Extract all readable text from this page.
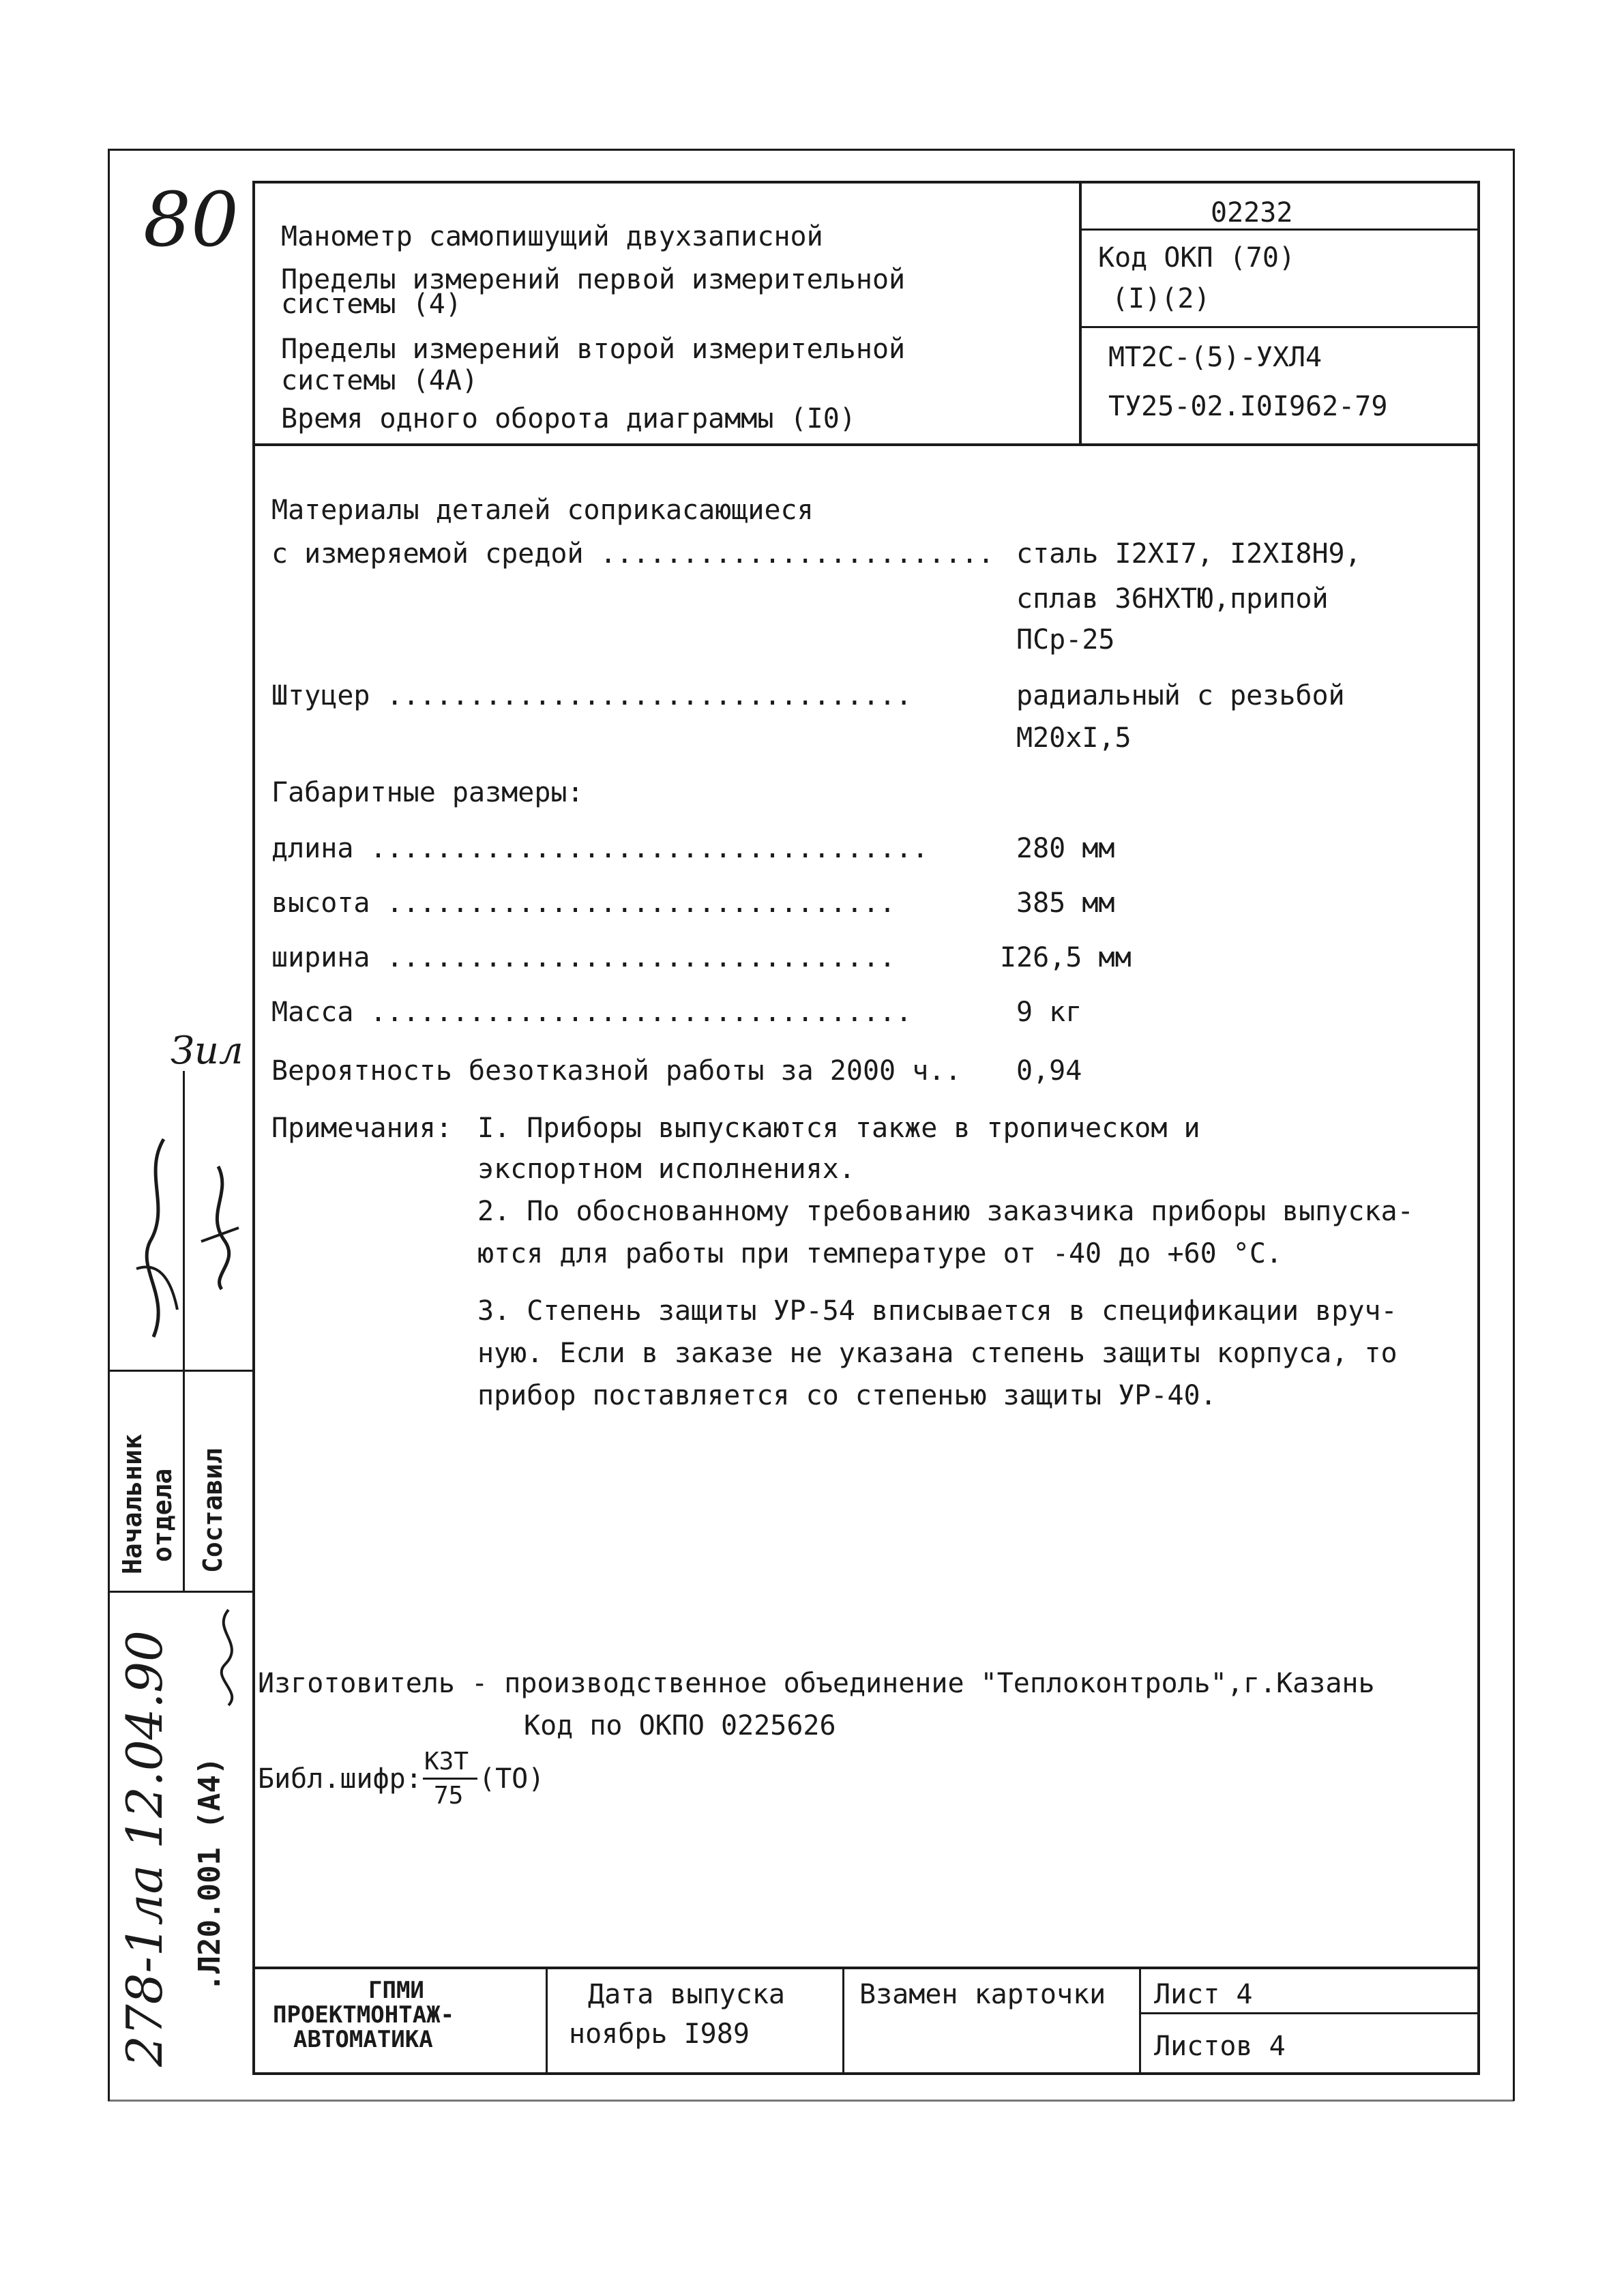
80 Манометр самопишущий двухзаписной
Пределы измерений первой измерительной
системы (4)
Пределы измерений второй измерительной
системы (4А)
Время одного оборота диаграммы (I0)
02232
Код ОКП (70)
(I)(2)
МТ2С-(5)-УХЛ4
ТУ25-02.I0I962-79
Материалы деталей соприкасающиеся
с измеряемой средой ........................ сталь I2XI7, I2XI8H9,
сплав 36НХТЮ,припой
ПСр-25
Штуцер ................................	радиальный с резьбой
М20хI,5
Габаритные размеры:
длина ..................................	280 мм
высота ...............................	385 мм
ширина ...............................	I26,5 мм
Масса .................................	9 кг
Вероятность безотказной работы за 2000 ч.. 0,94
Примечания: I. Приборы выпускаются также в тропическом и
экспортном исполнениях.
2. По обоснованному требованию заказчика приборы выпуска-
ются для работы при температуре от -40 до +60 °С.
3. Степень защиты УР-54 вписывается в спецификации вруч-
ную. Если в заказе не указана степень защиты корпуса, то
прибор поставляется со степенью защиты УР-40.
Изготовитель - производственное объединение "Теплоконтроль",г.Казань
Код по ОКПО 0225626
Библ.шифр:
КЗТ
75
(ТО)
ГПМИ
ПРОЕКТМОНТАЖ-
АВТОМАТИКА
Дата выпуска
ноябрь I989
Взамен карточки Лист 4
Листов 4
Начальник отдела Составил
278-1ла 12.04.90 .Л20.001 (А4)
Зил
